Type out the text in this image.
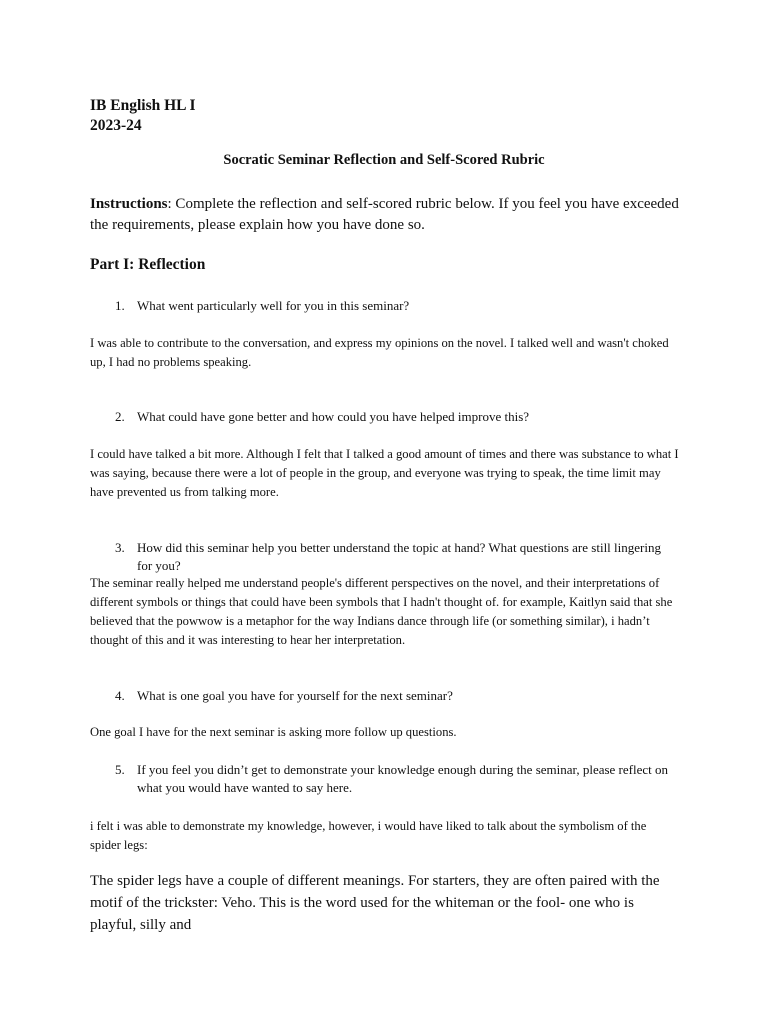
IB English HL I

2023-24

Socratic Seminar Reflection and Self-Scored Rubric

Instructions: Complete the reflection and self-scored rubric below. If you feel you have exceeded the requirements, please explain how you have done so.

Part I: Reflection

1. What went particularly well for you in this seminar?

I was able to contribute to the conversation, and express my opinions on the novel. I talked well and wasn't choked up, I had no problems speaking.

2. What could have gone better and how could you have helped improve this?

I could have talked a bit more. Although I felt that I talked a good amount of times and there was substance to what I was saying, because there were a lot of people in the group, and everyone was trying to speak, the time limit may have prevented us from talking more.

3. How did this seminar help you better understand the topic at hand? What questions are still lingering for you?

The seminar really helped me understand people's different perspectives on the novel, and their interpretations of different symbols or things that could have been symbols that I hadn't thought of. for example, Kaitlyn said that she believed that the powwow is a metaphor for the way Indians dance through life (or something similar), i hadn’t thought of this and it was interesting to hear her interpretation.

4. What is one goal you have for yourself for the next seminar?

One goal I have for the next seminar is asking more follow up questions.

5. If you feel you didn’t get to demonstrate your knowledge enough during the seminar, please reflect on what you would have wanted to say here.

i felt i was able to demonstrate my knowledge, however, i would have liked to talk about the symbolism of the spider legs:

The spider legs have a couple of different meanings. For starters, they are often paired with the motif of the trickster: Veho. This is the word used for the whiteman or the fool- one who is playful, silly and
